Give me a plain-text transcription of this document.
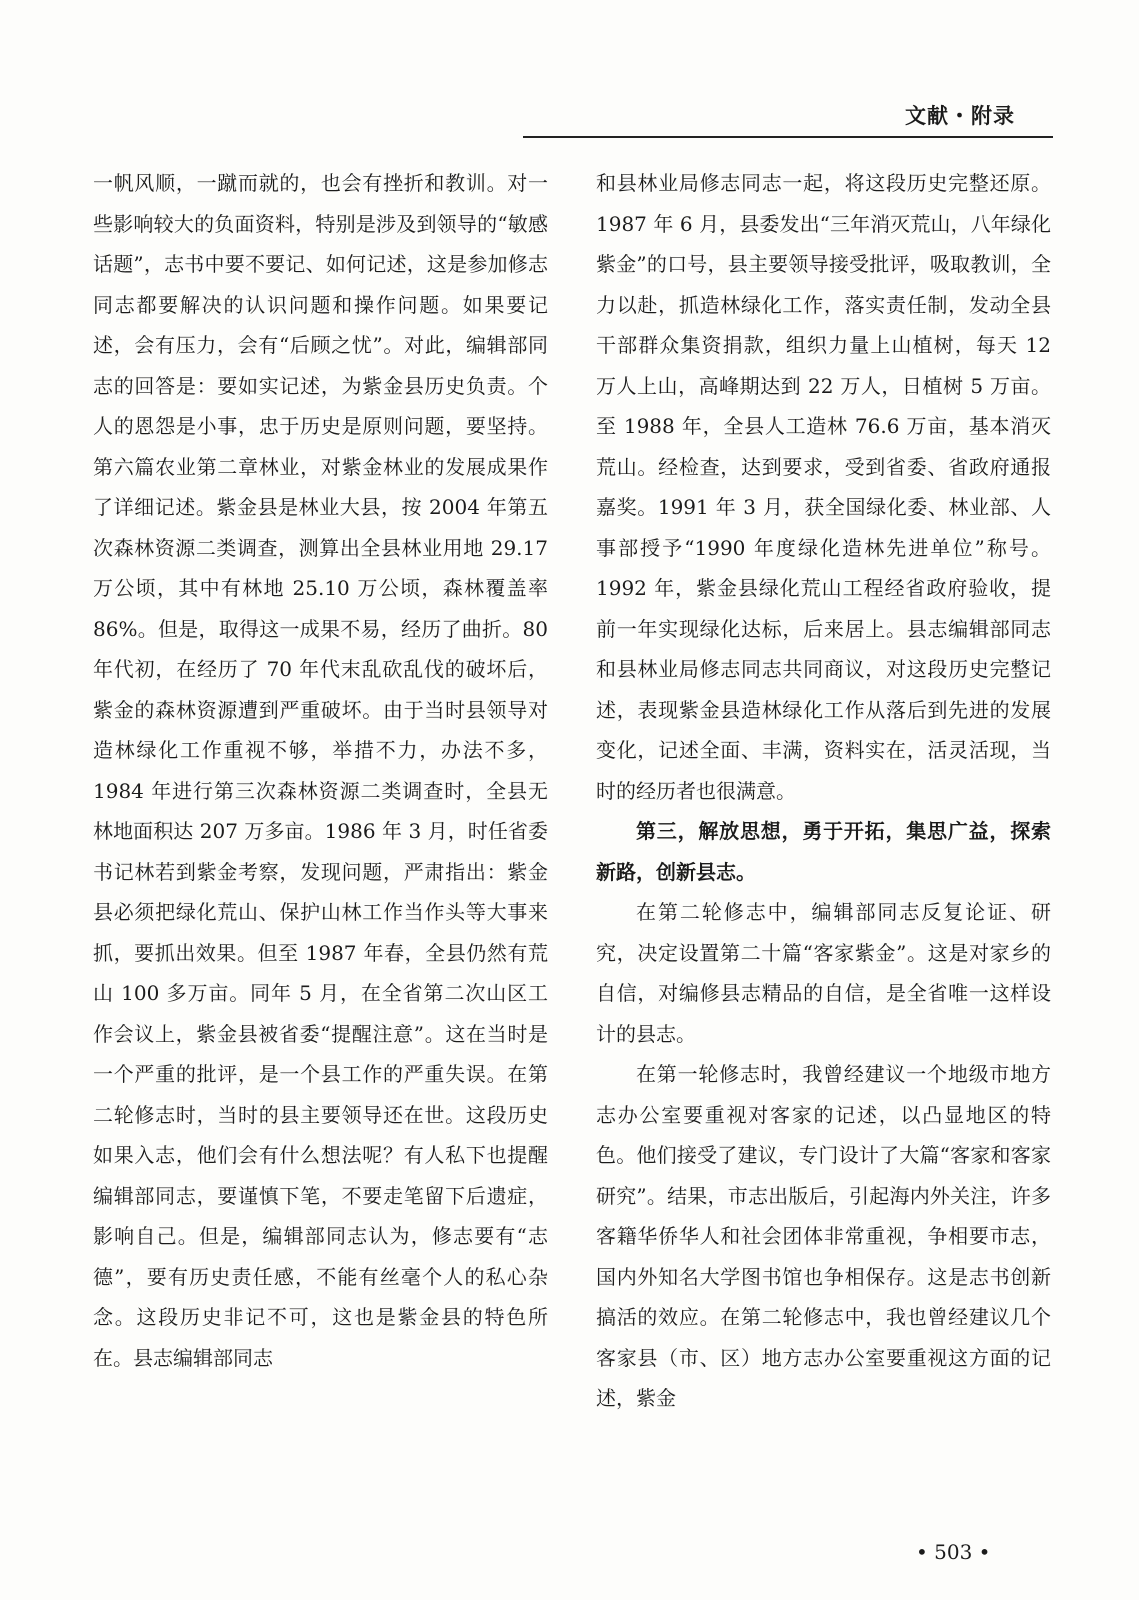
文献・附录

一帆风顺，一蹴而就的，也会有挫折和教训。对一些影响较大的负面资料，特别是涉及到领导的“敏感话题”，志书中要不要记、如何记述，这是参加修志同志都要解决的认识问题和操作问题。如果要记述，会有压力，会有“后顾之忧”。对此，编辑部同志的回答是：要如实记述，为紫金县历史负责。个人的恩怨是小事，忠于历史是原则问题，要坚持。第六篇农业第二章林业，对紫金林业的发展成果作了详细记述。紫金县是林业大县，按 2004 年第五次森林资源二类调查，测算出全县林业用地 29.17 万公顷，其中有林地 25.10 万公顷，森林覆盖率 86%。但是，取得这一成果不易，经历了曲折。80 年代初，在经历了 70 年代末乱砍乱伐的破坏后，紫金的森林资源遭到严重破坏。由于当时县领导对造林绿化工作重视不够，举措不力，办法不多，1984 年进行第三次森林资源二类调查时，全县无林地面积达 207 万多亩。1986 年 3 月，时任省委书记林若到紫金考察，发现问题，严肃指出：紫金县必须把绿化荒山、保护山林工作当作头等大事来抓，要抓出效果。但至 1987 年春，全县仍然有荒山 100 多万亩。同年 5 月，在全省第二次山区工作会议上，紫金县被省委“提醒注意”。这在当时是一个严重的批评，是一个县工作的严重失误。在第二轮修志时，当时的县主要领导还在世。这段历史如果入志，他们会有什么想法呢？有人私下也提醒编辑部同志，要谨慎下笔，不要走笔留下后遗症，影响自己。但是，编辑部同志认为，修志要有“志德”，要有历史责任感，不能有丝毫个人的私心杂念。这段历史非记不可，这也是紫金县的特色所在。县志编辑部同志

和县林业局修志同志一起，将这段历史完整还原。1987 年 6 月，县委发出“三年消灭荒山，八年绿化紫金”的口号，县主要领导接受批评，吸取教训，全力以赴，抓造林绿化工作，落实责任制，发动全县干部群众集资捐款，组织力量上山植树，每天 12 万人上山，高峰期达到 22 万人，日植树 5 万亩。至 1988 年，全县人工造林 76.6 万亩，基本消灭荒山。经检查，达到要求，受到省委、省政府通报嘉奖。1991 年 3 月，获全国绿化委、林业部、人事部授予“1990 年度绿化造林先进单位”称号。1992 年，紫金县绿化荒山工程经省政府验收，提前一年实现绿化达标，后来居上。县志编辑部同志和县林业局修志同志共同商议，对这段历史完整记述，表现紫金县造林绿化工作从落后到先进的发展变化，记述全面、丰满，资料实在，活灵活现，当时的经历者也很满意。

第三，解放思想，勇于开拓，集思广益，探索新路，创新县志。

在第二轮修志中，编辑部同志反复论证、研究，决定设置第二十篇“客家紫金”。这是对家乡的自信，对编修县志精品的自信，是全省唯一这样设计的县志。

在第一轮修志时，我曾经建议一个地级市地方志办公室要重视对客家的记述，以凸显地区的特色。他们接受了建议，专门设计了大篇“客家和客家研究”。结果，市志出版后，引起海内外关注，许多客籍华侨华人和社会团体非常重视，争相要市志，国内外知名大学图书馆也争相保存。这是志书创新搞活的效应。在第二轮修志中，我也曾经建议几个客家县（市、区）地方志办公室要重视这方面的记述，紫金

• 503 •
